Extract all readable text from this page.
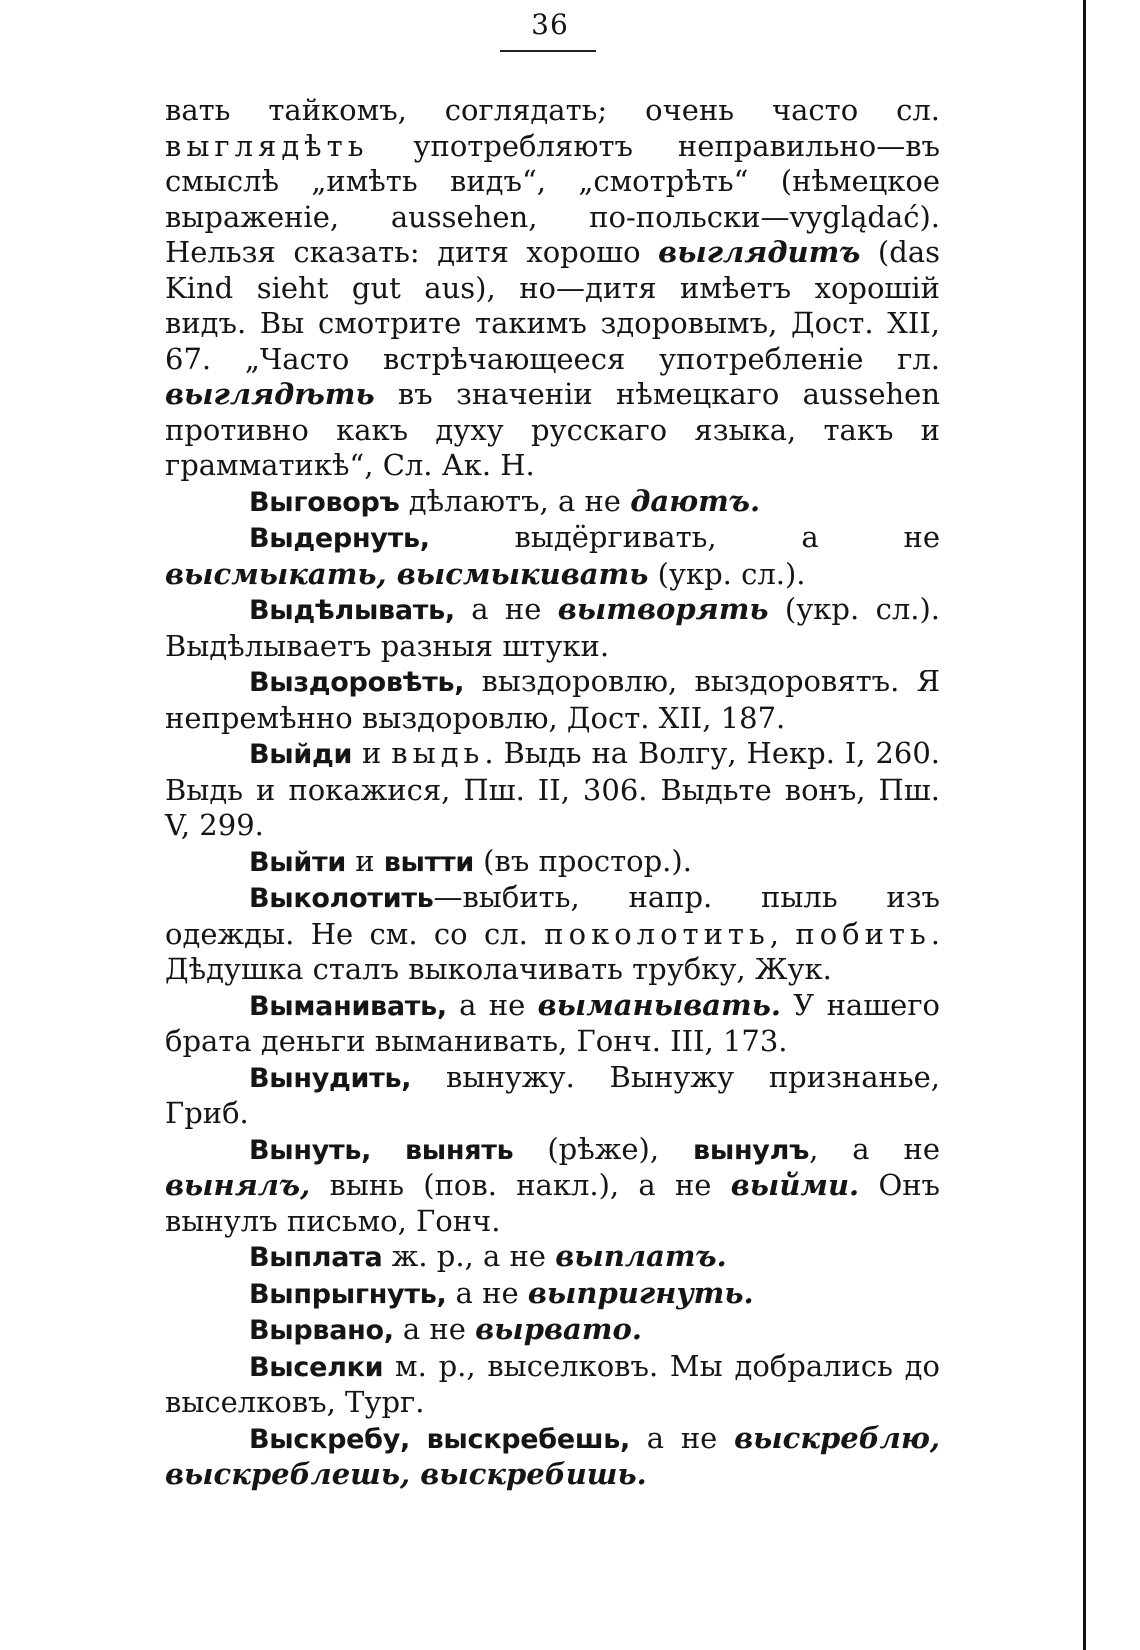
36

вать тайкомъ, соглядать; очень часто сл. выглядѣть употребляютъ неправильно—въ смыслѣ „имѣть видъ“, „смотрѣть“ (нѣмецкое выраженіе, aussehen, по-польски—vyglądać). Нельзя сказать: дитя хорошо выглядитъ (das Kind sieht gut aus), но—дитя имѣетъ хорошій видъ. Вы смотрите такимъ здоровымъ, Дост. XII, 67. „Часто встрѣчающееся употребленіе гл. выглядѣть въ значеніи нѣмецкаго aussehen противно какъ духу русскаго языка, такъ и грамматикѣ“, Сл. Ак. Н.

Выговоръ дѣлаютъ, а не даютъ.

Выдернуть, выдёргивать, а не высмыкать, высмыкивать (укр. сл.).

Выдѣлывать, а не вытворять (укр. сл.). Выдѣлываетъ разныя штуки.

Выздоровѣть, выздоровлю, выздоровятъ. Я непремѣнно выздоровлю, Дост. XII, 187.

Выйди и выдь. Выдь на Волгу, Некр. I, 260. Выдь и покажися, Пш. II, 306. Выдьте вонъ, Пш. V, 299.

Выйти и вытти (въ простор.).

Выколотить—выбить, напр. пыль изъ одежды. Не см. со сл. поколотить, побить. Дѣдушка сталъ выколачивать трубку, Жук.

Выманивать, а не выманывать. У нашего брата деньги выманивать, Гонч. III, 173.

Вынудить, вынужу. Вынужу признанье, Гриб.

Вынуть, вынять (рѣже), вынулъ, а не вынялъ, вынь (пов. накл.), а не выйми. Онъ вынулъ письмо, Гонч.

Выплата ж. р., а не выплатъ.

Выпрыгнуть, а не выпригнуть.

Вырвано, а не вырвато.

Выселки м. р., выселковъ. Мы добрались до выселковъ, Тург.

Выскребу, выскребешь, а не выскреблю, выскреблешь, выскребишь.
